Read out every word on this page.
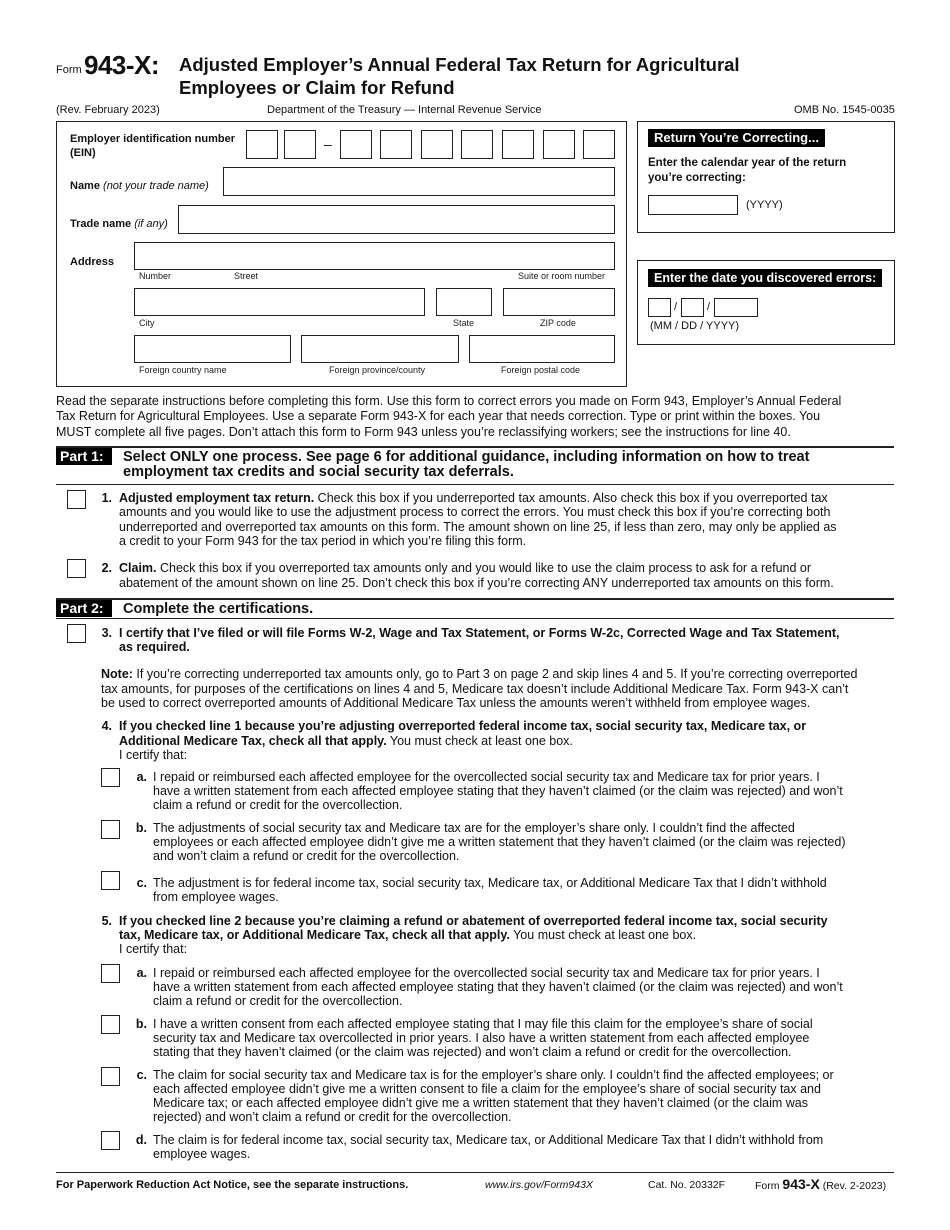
Form 943-X: Adjusted Employer’s Annual Federal Tax Return for Agricultural
Employees or Claim for Refund
(Rev. February 2023)	Department of the Treasury — Internal Revenue Service	OMB No. 1545-0035
Employer identification number
(EIN)
–
Name (not your trade name)
Trade name (if any)
Address
Number	Street	Suite or room number
City	State	ZIP code
Foreign country name	Foreign province/county	Foreign postal code
Return You’re Correcting...
Enter the calendar year of the return
you’re correcting:
(YYYY)
Enter the date you discovered errors:
/	/
(MM / DD / YYYY)
Read the separate instructions before completing this form. Use this form to correct errors you made on Form 943, Employer’s Annual Federal
Tax Return for Agricultural Employees. Use a separate Form 943-X for each year that needs correction. Type or print within the boxes. You
MUST complete all five pages. Don’t attach this form to Form 943 unless you’re reclassifying workers; see the instructions for line 40.
Part 1:	Select ONLY one process. See page 6 for additional guidance, including information on how to treat
employment tax credits and social security tax deferrals.
1. Adjusted employment tax return. Check this box if you underreported tax amounts. Also check this box if you overreported tax
amounts and you would like to use the adjustment process to correct the errors. You must check this box if you’re correcting both
underreported and overreported tax amounts on this form. The amount shown on line 25, if less than zero, may only be applied as
a credit to your Form 943 for the tax period in which you’re filing this form.
2. Claim. Check this box if you overreported tax amounts only and you would like to use the claim process to ask for a refund or
abatement of the amount shown on line 25. Don’t check this box if you’re correcting ANY underreported tax amounts on this form.
Part 2:	Complete the certifications.
3. I certify that I’ve filed or will file Forms W-2, Wage and Tax Statement, or Forms W-2c, Corrected Wage and Tax Statement,
as required.
Note: If you’re correcting underreported tax amounts only, go to Part 3 on page 2 and skip lines 4 and 5. If you’re correcting overreported
tax amounts, for purposes of the certifications on lines 4 and 5, Medicare tax doesn’t include Additional Medicare Tax. Form 943-X can’t
be used to correct overreported amounts of Additional Medicare Tax unless the amounts weren’t withheld from employee wages.
4. If you checked line 1 because you’re adjusting overreported federal income tax, social security tax, Medicare tax, or
Additional Medicare Tax, check all that apply. You must check at least one box.
I certify that:
a. I repaid or reimbursed each affected employee for the overcollected social security tax and Medicare tax for prior years. I
have a written statement from each affected employee stating that they haven’t claimed (or the claim was rejected) and won’t
claim a refund or credit for the overcollection.
b. The adjustments of social security tax and Medicare tax are for the employer’s share only. I couldn’t find the affected
employees or each affected employee didn’t give me a written statement that they haven’t claimed (or the claim was rejected)
and won’t claim a refund or credit for the overcollection.
c. The adjustment is for federal income tax, social security tax, Medicare tax, or Additional Medicare Tax that I didn’t withhold
from employee wages.
5. If you checked line 2 because you’re claiming a refund or abatement of overreported federal income tax, social security
tax, Medicare tax, or Additional Medicare Tax, check all that apply. You must check at least one box.
I certify that:
a. I repaid or reimbursed each affected employee for the overcollected social security tax and Medicare tax for prior years. I
have a written statement from each affected employee stating that they haven’t claimed (or the claim was rejected) and won’t
claim a refund or credit for the overcollection.
b. I have a written consent from each affected employee stating that I may file this claim for the employee’s share of social
security tax and Medicare tax overcollected in prior years. I also have a written statement from each affected employee
stating that they haven’t claimed (or the claim was rejected) and won’t claim a refund or credit for the overcollection.
c. The claim for social security tax and Medicare tax is for the employer’s share only. I couldn’t find the affected employees; or
each affected employee didn’t give me a written consent to file a claim for the employee’s share of social security tax and
Medicare tax; or each affected employee didn’t give me a written statement that they haven’t claimed (or the claim was
rejected) and won’t claim a refund or credit for the overcollection.
d. The claim is for federal income tax, social security tax, Medicare tax, or Additional Medicare Tax that I didn’t withhold from
employee wages.
For Paperwork Reduction Act Notice, see the separate instructions.	www.irs.gov/Form943X	Cat. No. 20332F	Form 943-X (Rev. 2-2023)
